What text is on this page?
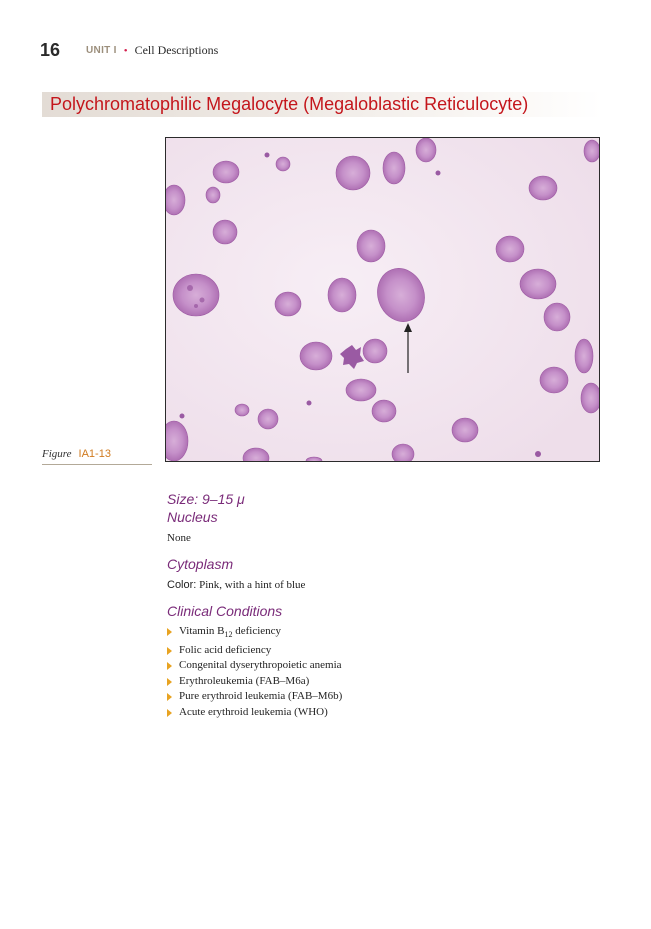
16	UNIT I • Cell Descriptions
Polychromatophilic Megalocyte (Megaloblastic Reticulocyte)
Figure IA1-13
Size: 9–15 μ
Nucleus
None
Cytoplasm
Color: Pink, with a hint of blue
Clinical Conditions
Vitamin $B_{12}$ deficiency
Folic acid deficiency
Congenital dyserythropoietic anemia
Erythroleukemia (FAB–M6a)
Pure erythroid leukemia (FAB–M6b)
Acute erythroid leukemia (WHO)
